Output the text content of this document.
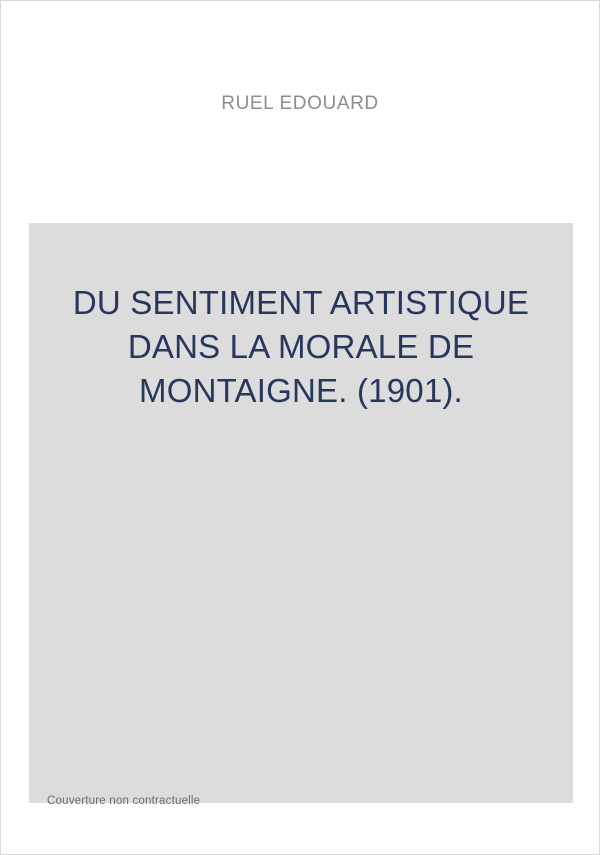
RUEL EDOUARD
DU SENTIMENT ARTISTIQUE DANS LA MORALE DE MONTAIGNE. (1901).
Couverture non contractuelle
